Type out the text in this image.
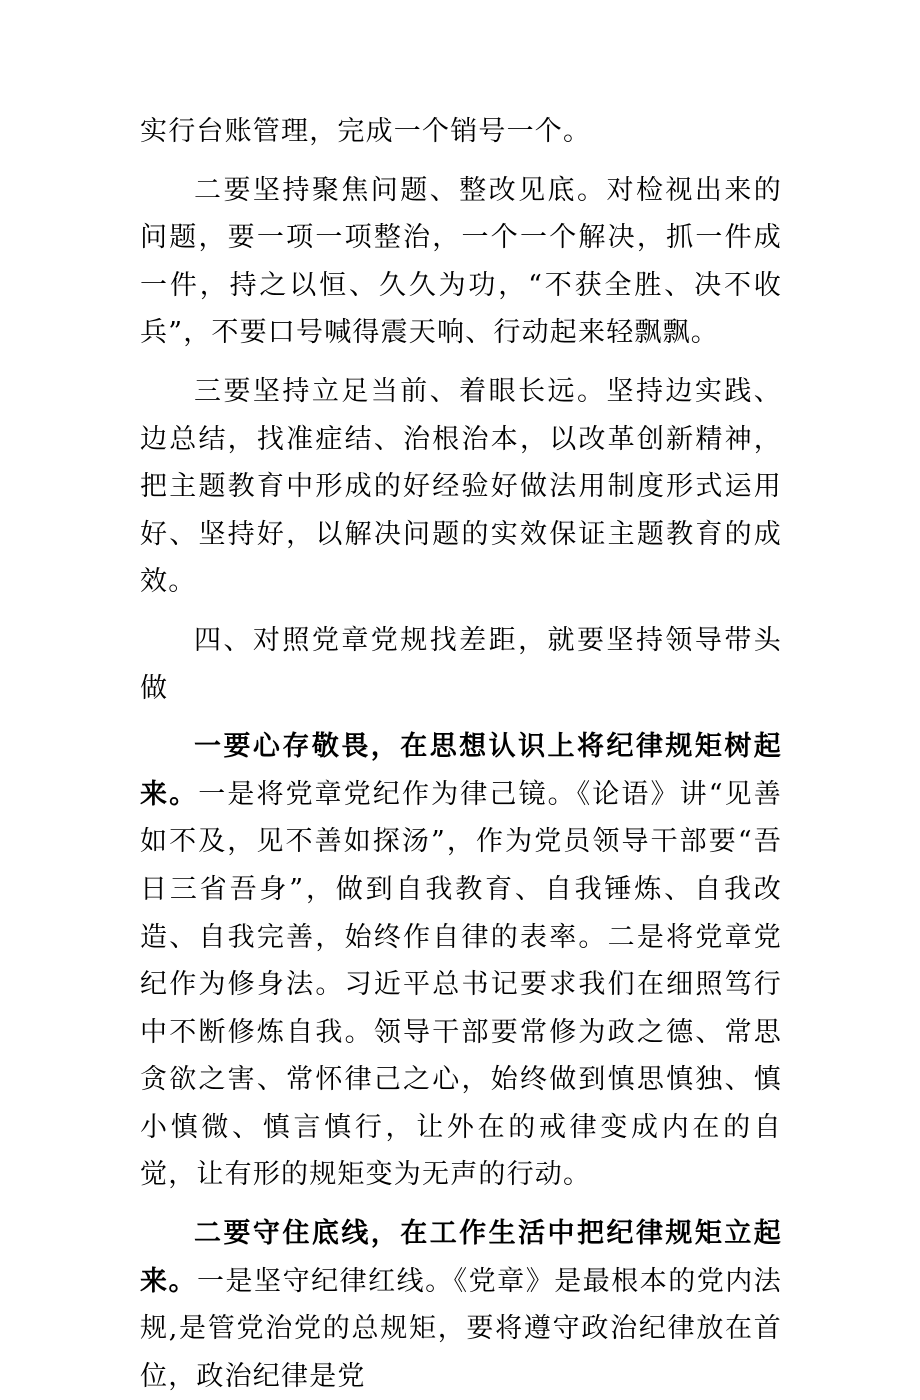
实行台账管理，完成一个销号一个。

二要坚持聚焦问题、整改见底。对检视出来的问题，要一项一项整治，一个一个解决，抓一件成一件，持之以恒、久久为功，“不获全胜、决不收兵”，不要口号喊得震天响、行动起来轻飘飘。

三要坚持立足当前、着眼长远。坚持边实践、边总结，找准症结、治根治本，以改革创新精神，把主题教育中形成的好经验好做法用制度形式运用好、坚持好，以解决问题的实效保证主题教育的成效。

四、对照党章党规找差距，就要坚持领导带头做

一要心存敬畏，在思想认识上将纪律规矩树起来。一是将党章党纪作为律己镜。《论语》讲“见善如不及，见不善如探汤”，作为党员领导干部要“吾日三省吾身”，做到自我教育、自我锤炼、自我改造、自我完善，始终作自律的表率。二是将党章党纪作为修身法。习近平总书记要求我们在细照笃行中不断修炼自我。领导干部要常修为政之德、常思贪欲之害、常怀律己之心，始终做到慎思慎独、慎小慎微、慎言慎行，让外在的戒律变成内在的自觉，让有形的规矩变为无声的行动。

二要守住底线，在工作生活中把纪律规矩立起来。一是坚守纪律红线。《党章》是最根本的党内法规,是管党治党的总规矩，要将遵守政治纪律放在首位，政治纪律是党
